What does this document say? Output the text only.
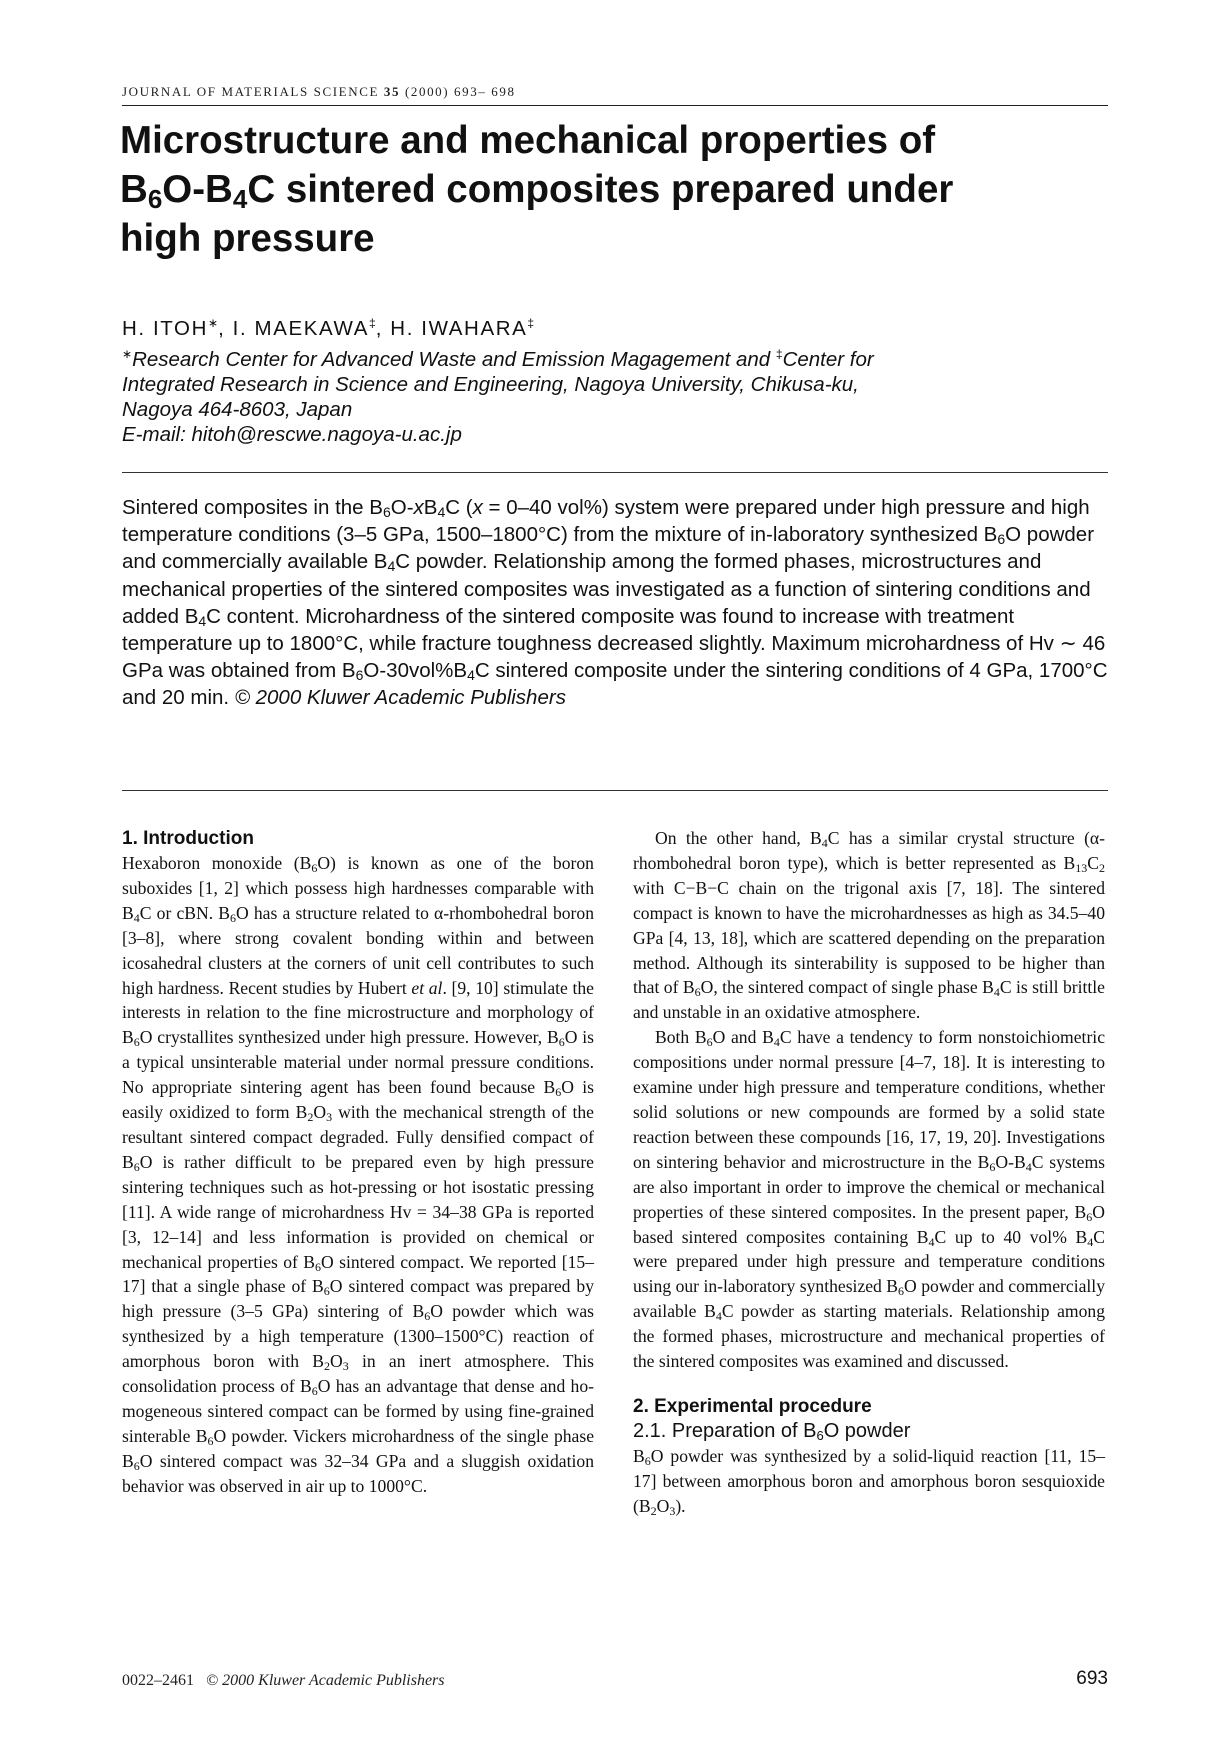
JOURNAL OF MATERIALS SCIENCE 35 (2000) 693– 698
Microstructure and mechanical properties of
$B_6O-B_4C$ sintered composites prepared under
high pressure
H. ITOH∗, I. MAEKAWA‡, H. IWAHARA‡
∗Research Center for Advanced Waste and Emission Magagement and ‡Center for
Integrated Research in Science and Engineering, Nagoya University, Chikusa-ku,
Nagoya 464-8603, Japan
E-mail: hitoh@rescwe.nagoya-u.ac.jp
Sintered composites in the $B_6O-xB_4C$ (x = 0–40 vol%) system were prepared under high pressure and high temperature conditions (3–5 GPa, 1500–1800°C) from the mixture of in-laboratory synthesized $B_6O$ powder and commercially available $B_4C$ powder. Relationship among the formed phases, microstructures and mechanical properties of the sintered composites was investigated as a function of sintering conditions and added $B_4C$ content. Microhardness of the sintered composite was found to increase with treatment temperature up to 1800°C, while fracture toughness decreased slightly. Maximum microhardness of Hv ∼ 46 GPa was obtained from $B_6O-30vol\%B_4C$ sintered composite under the sintering conditions of 4 GPa, 1700°C and 20 min. © 2000 Kluwer Academic Publishers
1. Introduction

Hexaboron monoxide $(B_6O)$ is known as one of the boron suboxides [1, 2] which possess high hardnesses comparable with $B_4C$ or cBN. $B_6O$ has a structure related to α-rhombohedral boron [3–8], where strong covalent bonding within and between icosahedral clusters at the corners of unit cell contributes to such high hardness. Recent studies by Hubert et al. [9, 10] stimulate the interests in relation to the fine microstructure and morphology of $B_6O$ crystallites synthesized under high pressure. However, $B_6O$ is a typical unsinterable material under normal pressure conditions. No appropriate sintering agent has been found because $B_6O$ is easily oxidized to form $B_2O_3$ with the mechanical strength of the resultant sintered compact degraded. Fully densified compact of $B_6O$ is rather difficult to be prepared even by high pressure sintering techniques such as hot-pressing or hot isostatic pressing [11]. A wide range of microhardness Hv = 34–38 GPa is reported [3, 12–14] and less information is provided on chemical or mechanical properties of $B_6O$ sintered compact. We reported [15–17] that a single phase of $B_6O$ sintered compact was prepared by high pressure (3–5 GPa) sintering of $B_6O$ powder which was synthesized by a high temperature (1300–1500°C) reaction of amorphous boron with $B_2O_3$ in an inert atmosphere. This consolidation process of $B_6O$ has an advantage that dense and homogeneous sintered compact can be formed by using fine-grained sinterable $B_6O$ powder. Vickers microhardness of the single phase $B_6O$ sintered compact was 32–34 GPa and a sluggish oxidation behavior was observed in air up to 1000°C.

On the other hand, $B_4C$ has a similar crystal structure (α-rhombohedral boron type), which is better represented as $B_{13}C_2$ with C−B−C chain on the trigonal axis [7, 18]. The sintered compact is known to have the microhardnesses as high as 34.5–40 GPa [4, 13, 18], which are scattered depending on the preparation method. Although its sinterability is supposed to be higher than that of $B_6O$, the sintered compact of single phase $B_4C$ is still brittle and unstable in an oxidative atmosphere.

Both $B_6O$ and $B_4C$ have a tendency to form nonstoichiometric compositions under normal pressure [4–7, 18]. It is interesting to examine under high pressure and temperature conditions, whether solid solutions or new compounds are formed by a solid state reaction between these compounds [16, 17, 19, 20]. Investigations on sintering behavior and microstructure in the $B_6O-B_4C$ systems are also important in order to improve the chemical or mechanical properties of these sintered composites. In the present paper, $B_6O$ based sintered composites containing $B_4C$ up to 40 vol% $B_4C$ were prepared under high pressure and temperature conditions using our in-laboratory synthesized $B_6O$ powder and commercially available $B_4C$ powder as starting materials. Relationship among the formed phases, microstructure and mechanical properties of the sintered composites was examined and discussed.

2. Experimental procedure
2.1. Preparation of $B_6O$ powder

$B_6O$ powder was synthesized by a solid-liquid reaction [11, 15–17] between amorphous boron and amorphous boron sesquioxide $(B_2O_3)$.

0022–2461 © 2000 Kluwer Academic Publishers	693
